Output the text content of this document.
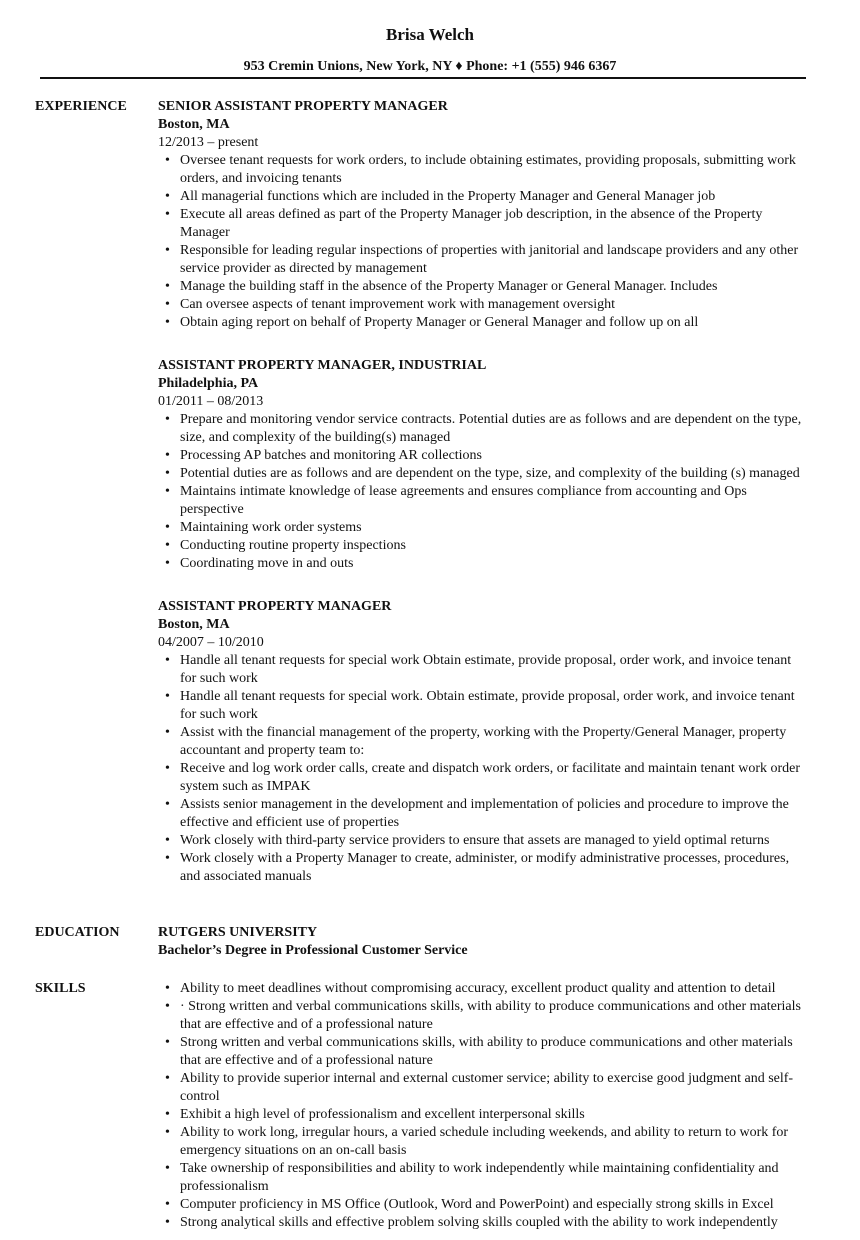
Brisa Welch
953 Cremin Unions, New York, NY ♦ Phone: +1 (555) 946 6367
EXPERIENCE SENIOR ASSISTANT PROPERTY MANAGER
Boston, MA
12/2013 – present
• Oversee tenant requests for work orders, to include obtaining estimates, providing proposals, submitting work orders, and invoicing tenants
• All managerial functions which are included in the Property Manager and General Manager job
• Execute all areas defined as part of the Property Manager job description, in the absence of the Property Manager
• Responsible for leading regular inspections of properties with janitorial and landscape providers and any other service provider as directed by management
• Manage the building staff in the absence of the Property Manager or General Manager. Includes
• Can oversee aspects of tenant improvement work with management oversight
• Obtain aging report on behalf of Property Manager or General Manager and follow up on all
ASSISTANT PROPERTY MANAGER, INDUSTRIAL
Philadelphia, PA
01/2011 – 08/2013
• Prepare and monitoring vendor service contracts. Potential duties are as follows and are dependent on the type, size, and complexity of the building(s) managed
• Processing AP batches and monitoring AR collections
• Potential duties are as follows and are dependent on the type, size, and complexity of the building (s) managed
• Maintains intimate knowledge of lease agreements and ensures compliance from accounting and Ops perspective
• Maintaining work order systems
• Conducting routine property inspections
• Coordinating move in and outs
ASSISTANT PROPERTY MANAGER
Boston, MA
04/2007 – 10/2010
• Handle all tenant requests for special work Obtain estimate, provide proposal, order work, and invoice tenant for such work
• Handle all tenant requests for special work. Obtain estimate, provide proposal, order work, and invoice tenant for such work
• Assist with the financial management of the property, working with the Property/General Manager, property accountant and property team to:
• Receive and log work order calls, create and dispatch work orders, or facilitate and maintain tenant work order system such as IMPAK
• Assists senior management in the development and implementation of policies and procedure to improve the effective and efficient use of properties
• Work closely with third-party service providers to ensure that assets are managed to yield optimal returns
• Work closely with a Property Manager to create, administer, or modify administrative processes, procedures, and associated manuals
EDUCATION	RUTGERS UNIVERSITY
Bachelor’s Degree in Professional Customer Service
SKILLS	• Ability to meet deadlines without compromising accuracy, excellent product quality and attention to detail
• · Strong written and verbal communications skills, with ability to produce communications and other materials that are effective and of a professional nature
• Strong written and verbal communications skills, with ability to produce communications and other materials that are effective and of a professional nature
• Ability to provide superior internal and external customer service; ability to exercise good judgment and self-control
• Exhibit a high level of professionalism and excellent interpersonal skills
• Ability to work long, irregular hours, a varied schedule including weekends, and ability to return to work for emergency situations on an on-call basis
• Take ownership of responsibilities and ability to work independently while maintaining confidentiality and professionalism
• Computer proficiency in MS Office (Outlook, Word and PowerPoint) and especially strong skills in Excel
• Strong analytical skills and effective problem solving skills coupled with the ability to work independently
